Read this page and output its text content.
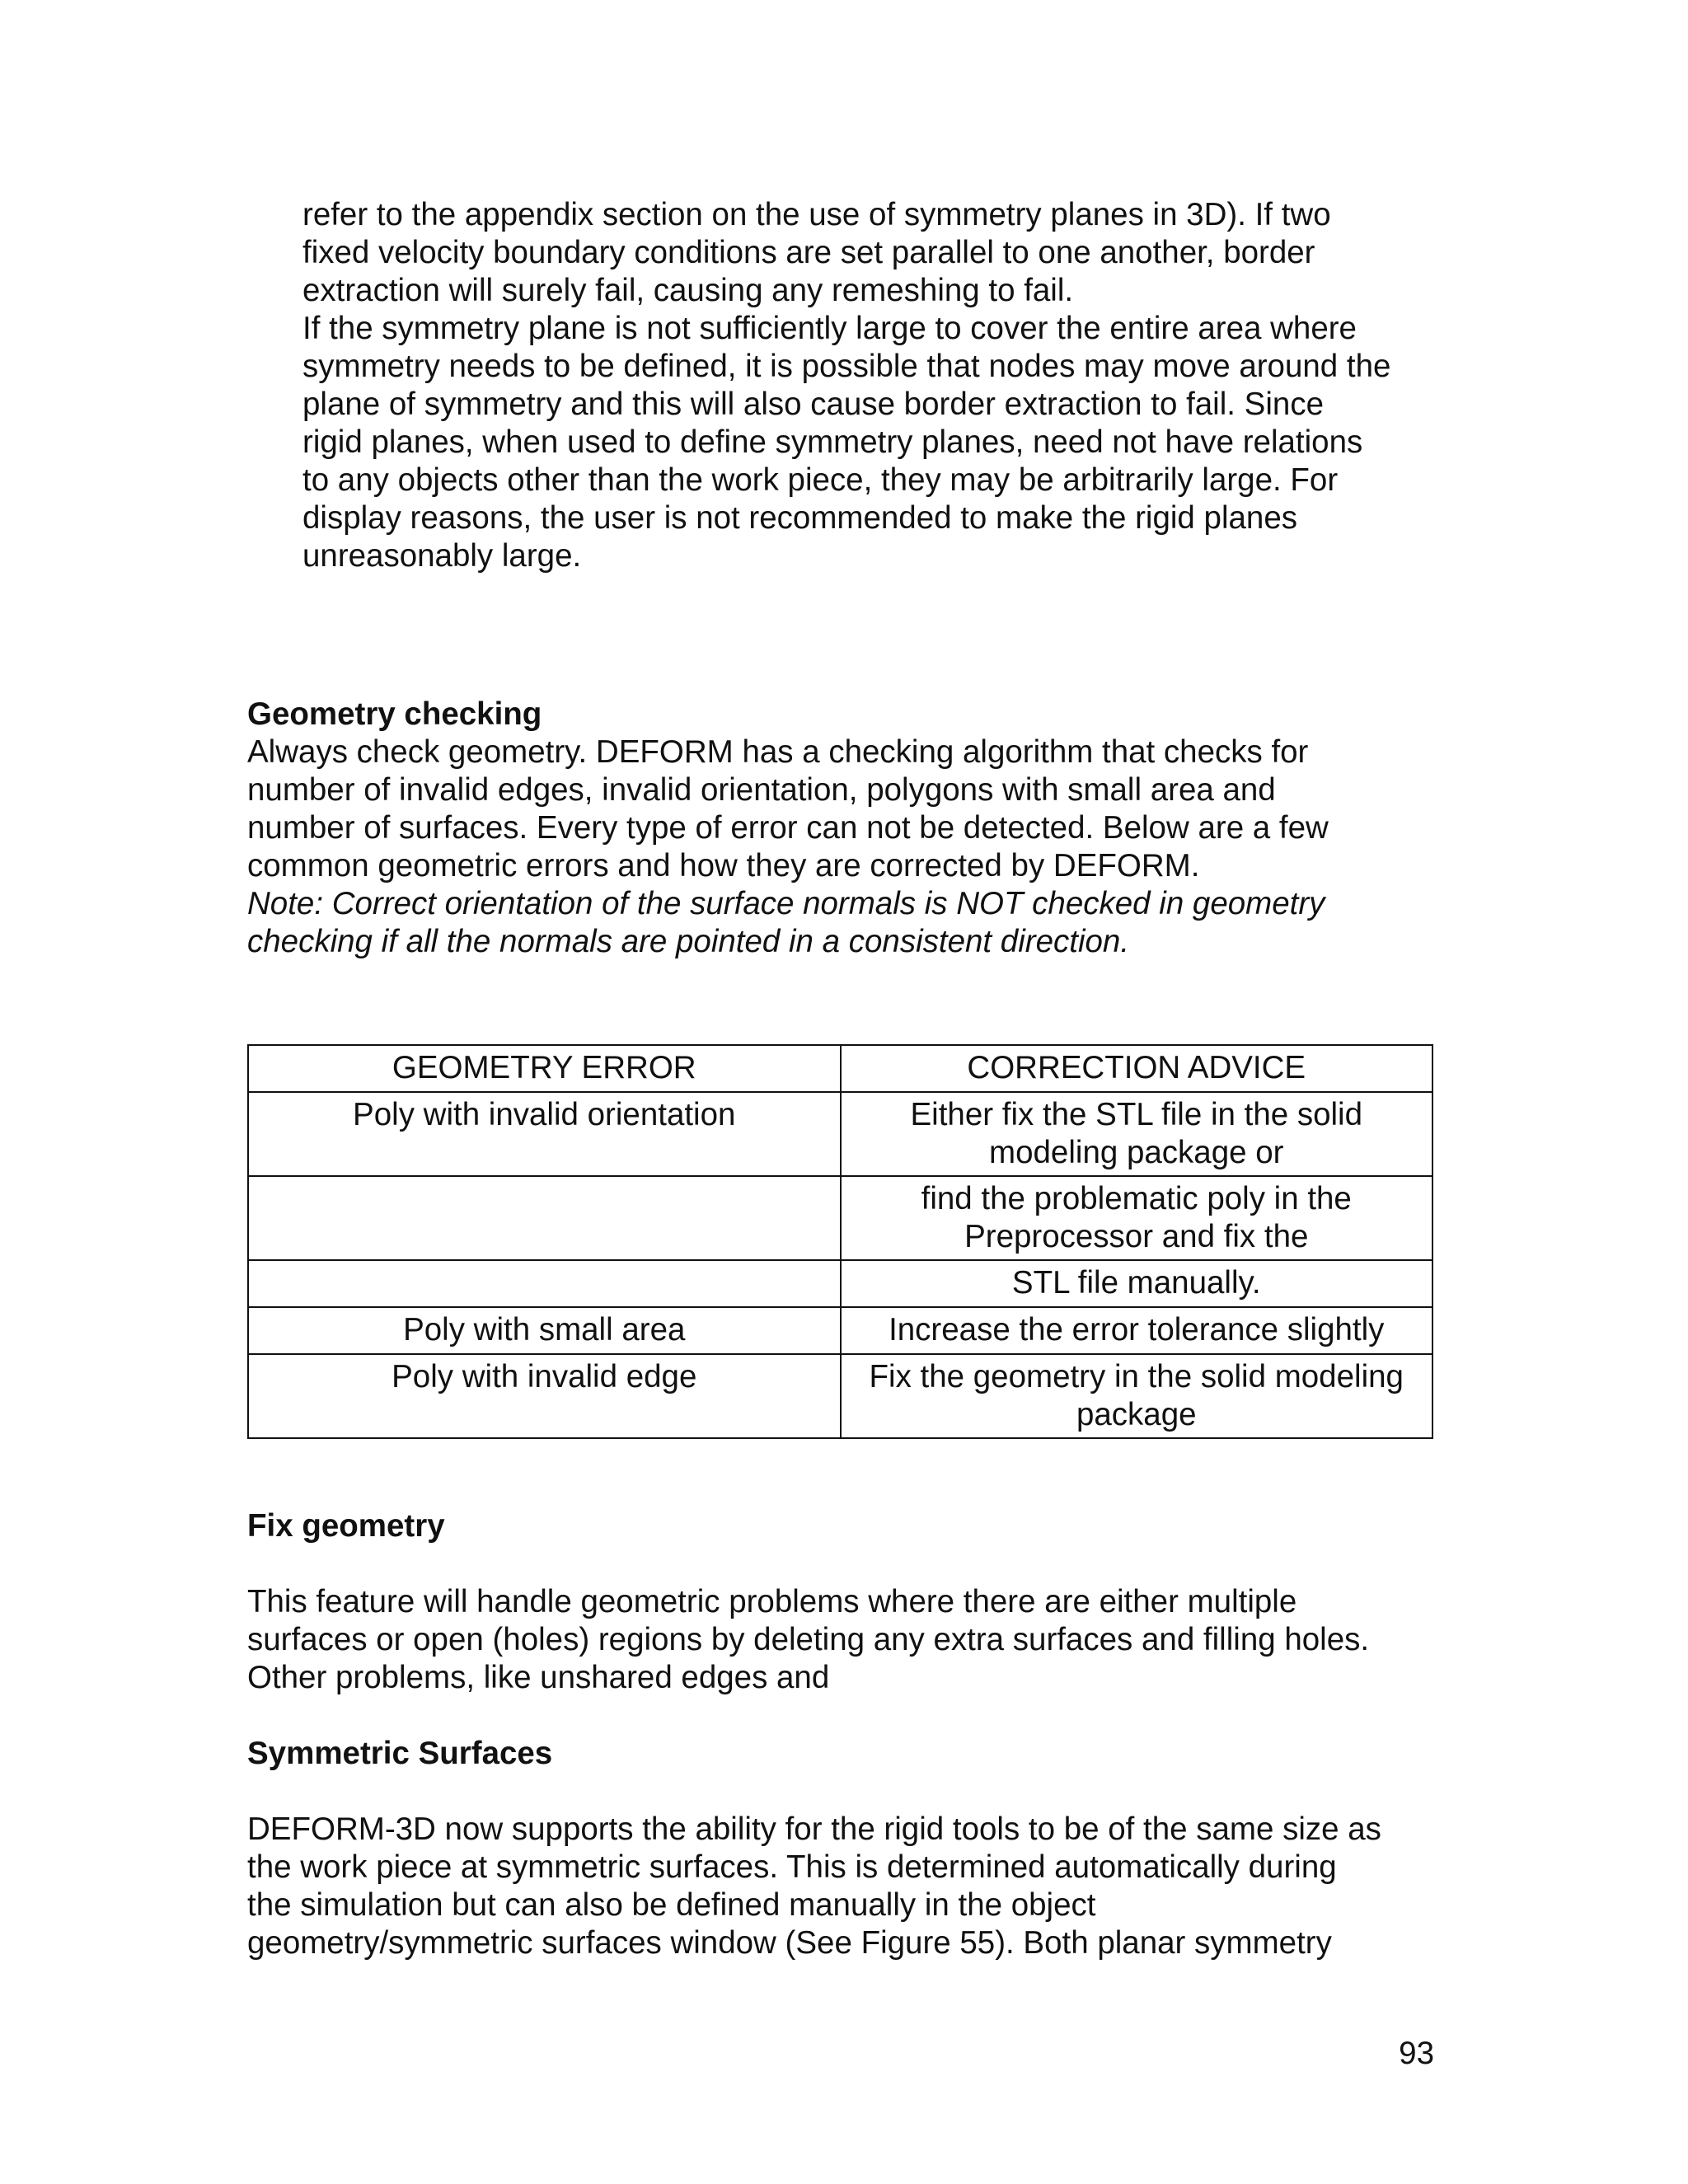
refer to the appendix section on the use of symmetry planes in 3D). If two
fixed velocity boundary conditions are set parallel to one another, border
extraction will surely fail, causing any remeshing to fail.
If the symmetry plane is not sufficiently large to cover the entire area where
symmetry needs to be defined, it is possible that nodes may move around the
plane of symmetry and this will also cause border extraction to fail. Since
rigid planes, when used to define symmetry planes, need not have relations
to any objects other than the work piece, they may be arbitrarily large. For
display reasons, the user is not recommended to make the rigid planes
unreasonably large.
Geometry checking
Always check geometry. DEFORM has a checking algorithm that checks for
number of invalid edges, invalid orientation, polygons with small area and
number of surfaces. Every type of error can not be detected. Below are a few
common geometric errors and how they are corrected by DEFORM.
Note: Correct orientation of the surface normals is NOT checked in geometry
checking if all the normals are pointed in a consistent direction.
GEOMETRY ERROR	CORRECTION ADVICE
Poly with invalid orientation	Either fix the STL file in the solid modeling package or
	find the problematic poly in the Preprocessor and fix the
	STL file manually.
Poly with small area	Increase the error tolerance slightly
Poly with invalid edge	Fix the geometry in the solid modeling package
Fix geometry
This feature will handle geometric problems where there are either multiple
surfaces or open (holes) regions by deleting any extra surfaces and filling holes.
Other problems, like unshared edges and
Symmetric Surfaces
DEFORM-3D now supports the ability for the rigid tools to be of the same size as
the work piece at symmetric surfaces. This is determined automatically during
the simulation but can also be defined manually in the object
geometry/symmetric surfaces window (See Figure 55). Both planar symmetry
93
